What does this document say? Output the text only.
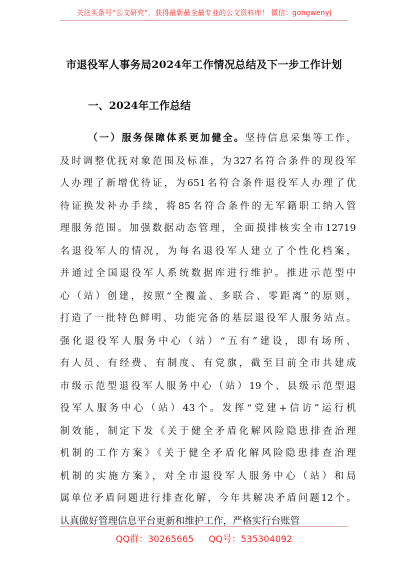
关注头条号“公文研究”，获得最新最全最专业的公文资料库！ 微信：gongwenyj
市退役军人事务局2024年工作情况总结及下一步工作计划
一、2024年工作总结
（一）服务保障体系更加健全。坚持信息采集等工作，
及时调整优抚对象范围及标准，为327名符合条件的现役军
人办理了新增优待证，为651名符合条件退役军人办理了优
待证换发补办手续，将85名符合条件的无军籍职工纳入管
理服务范围。加强数据动态管理，全面摸排核实全市12719
名退役军人的情况，为每名退役军人建立了个性化档案，
并通过全国退役军人系统数据库进行维护。推进示范型中
心（站）创建，按照“全覆盖、多联合、零距离”的原则，
打造了一批特色鲜明、功能完备的基层退役军人服务站点。
强化退役军人服务中心（站）“五有”建设，即有场所、
有人员、有经费、有制度、有党旗，截至目前全市共建成
市级示范型退役军人服务中心（站）19个、县级示范型退
役军人服务中心（站）43个。发挥“党建+信访”运行机
制效能，制定下发《关于健全矛盾化解风险隐患排查治理
机制的工作方案》《关于健全矛盾化解风险隐患排查治理
机制的实施方案》，对全市退役军人服务中心（站）和局
属单位矛盾问题进行排查化解，今年共解决矛盾问题12个。
认真做好管理信息平台更新和维护工作，严格实行台账管
QQ群：30265665 QQ号：535304092
